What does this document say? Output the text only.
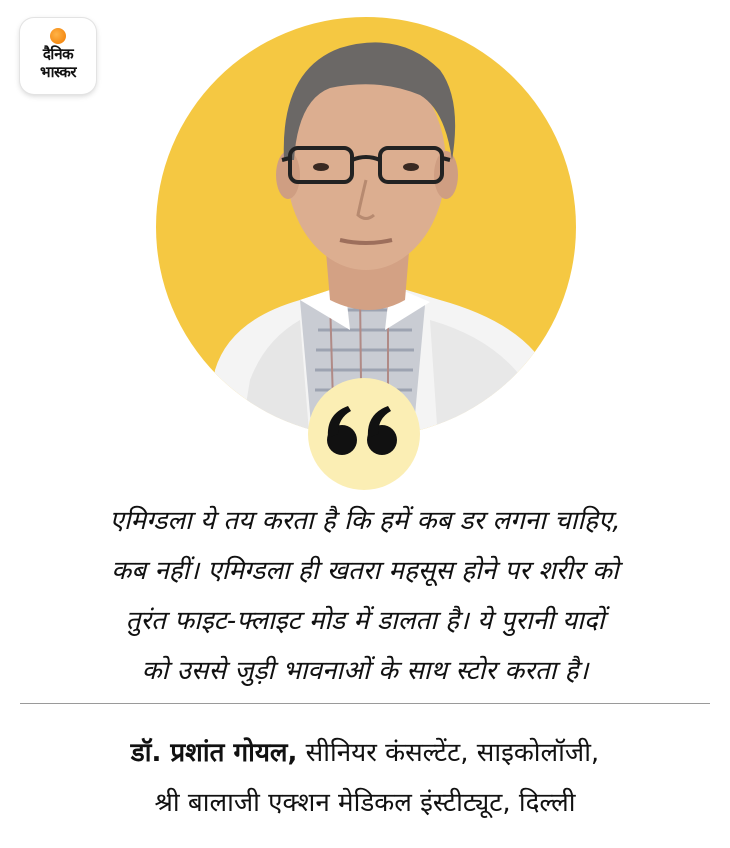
दैनिक
भास्कर
एमिग्डला ये तय करता है कि हमें कब डर लगना चाहिए,
कब नहीं। एमिग्डला ही खतरा महसूस होने पर शरीर को
तुरंत फाइट-फ्लाइट मोड में डालता है। ये पुरानी यादों
को उससे जुड़ी भावनाओं के साथ स्टोर करता है।
डॉ. प्रशांत गोयल, सीनियर कंसल्टेंट, साइकोलॉजी,
श्री बालाजी एक्शन मेडिकल इंस्टीट्यूट, दिल्ली
